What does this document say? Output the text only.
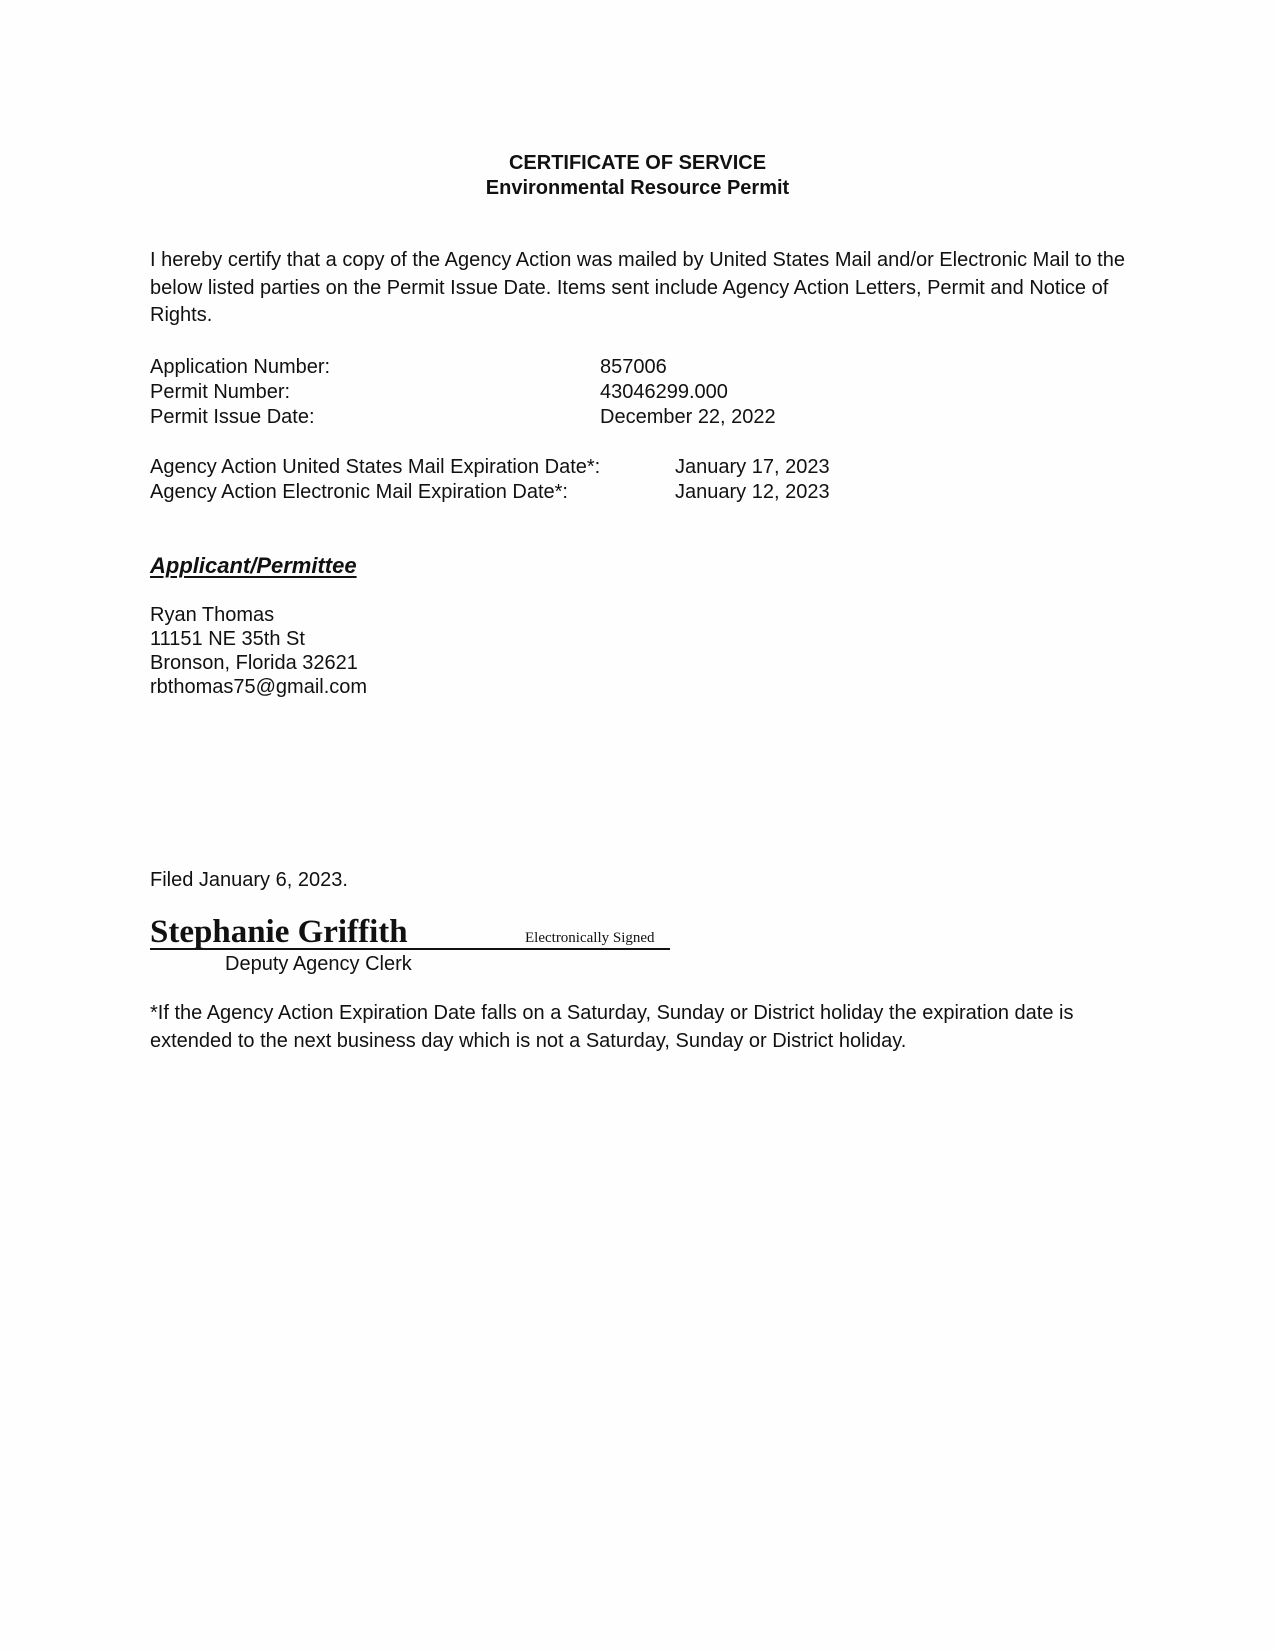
CERTIFICATE OF SERVICE
Environmental Resource Permit
I hereby certify that a copy of the Agency Action was mailed by United States Mail and/or Electronic Mail to the below listed parties on the Permit Issue Date. Items sent include Agency Action Letters, Permit and Notice of Rights.
Application Number:	857006
Permit Number:	43046299.000
Permit Issue Date:	December 22, 2022
Agency Action United States Mail Expiration Date*:	January 17, 2023
Agency Action Electronic Mail Expiration Date*:	January 12, 2023
Applicant/Permittee
Ryan Thomas
11151 NE 35th St
Bronson, Florida 32621
rbthomas75@gmail.com
Filed January 6, 2023.
Stephanie Griffith	Electronically Signed
Deputy Agency Clerk
*If the Agency Action Expiration Date falls on a Saturday, Sunday or District holiday the expiration date is extended to the next business day which is not a Saturday, Sunday or District holiday.
